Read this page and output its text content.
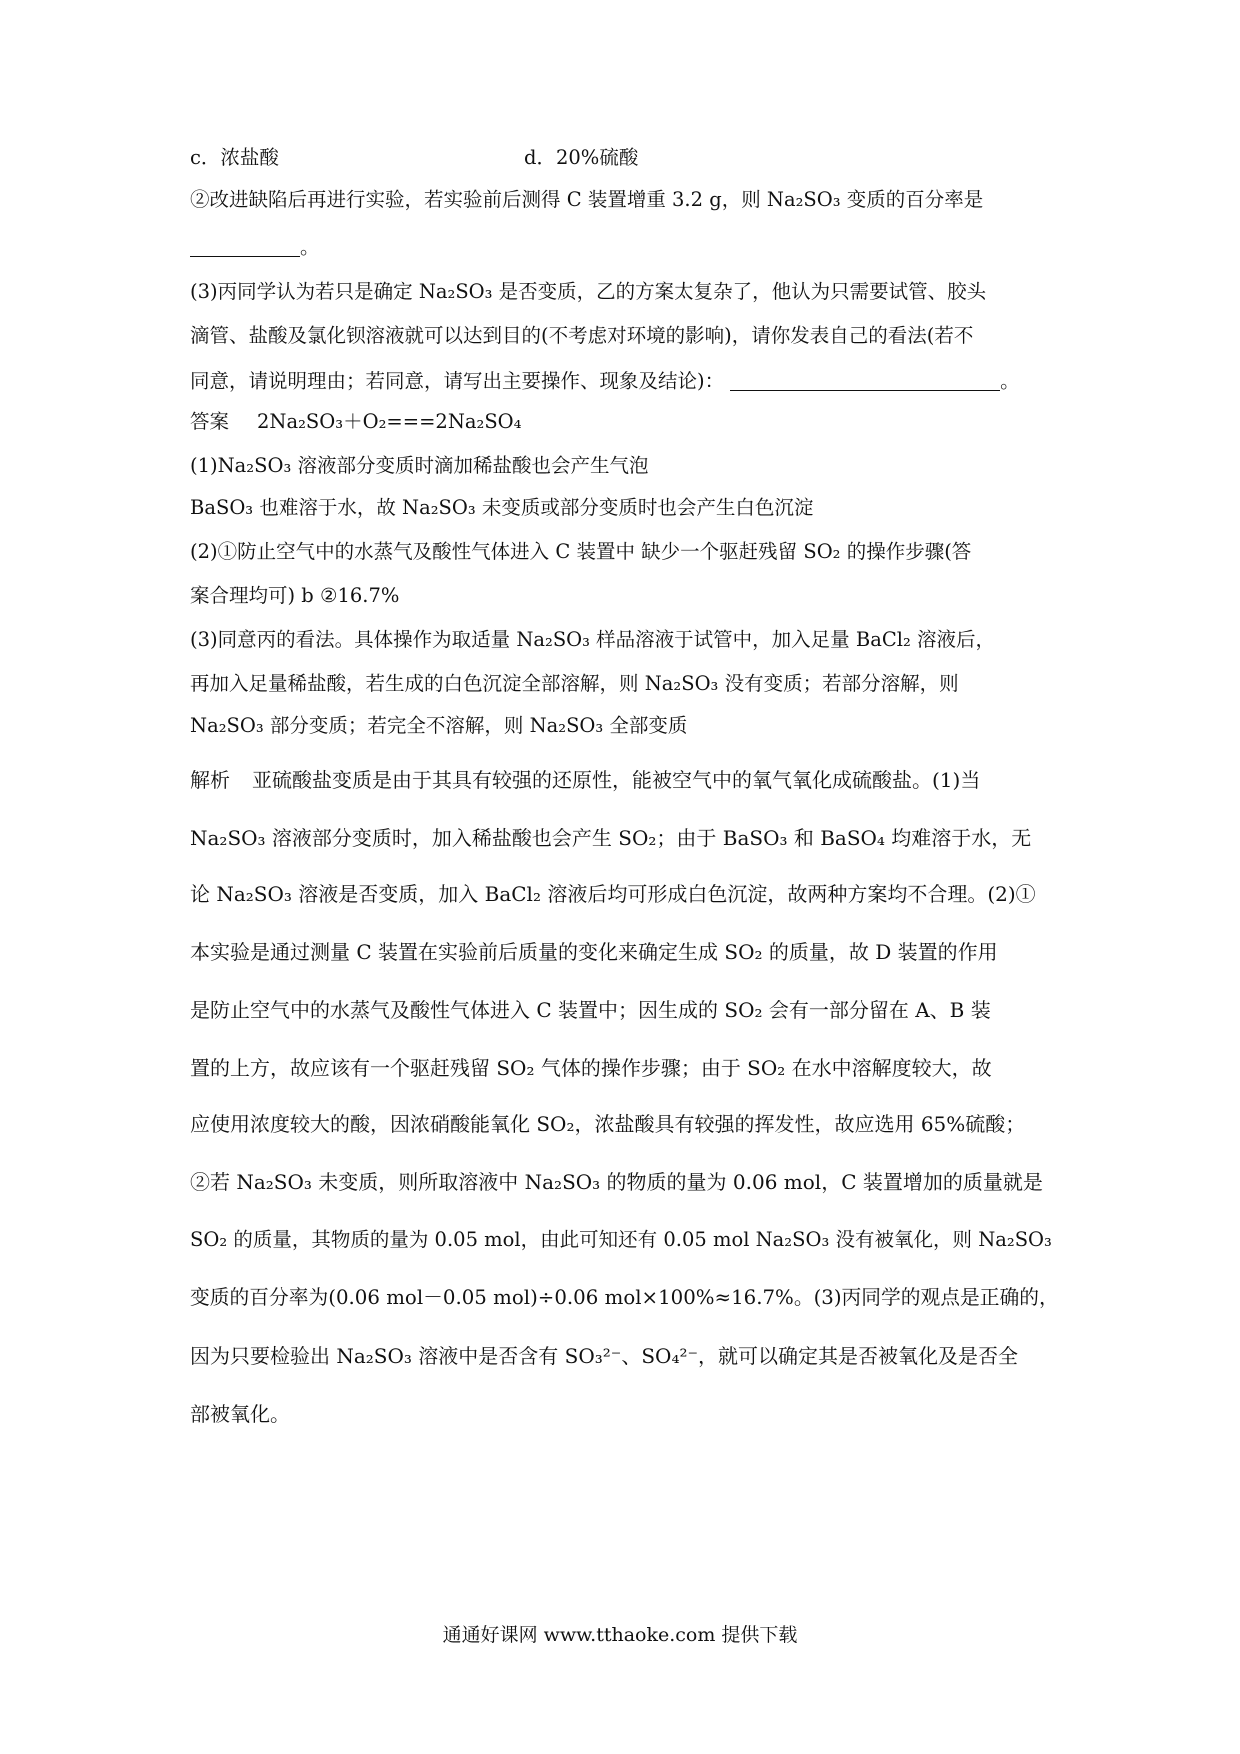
c．浓盐酸	d．20%硫酸
②改进缺陷后再进行实验，若实验前后测得 C 装置增重 3.2 g，则 Na₂SO₃ 变质的百分率是
。
(3)丙同学认为若只是确定 Na₂SO₃ 是否变质，乙的方案太复杂了，他认为只需要试管、胶头
滴管、盐酸及氯化钡溶液就可以达到目的(不考虑对环境的影响)，请你发表自己的看法(若不
同意，请说明理由；若同意，请写出主要操作、现象及结论)：	。
答案 2Na₂SO₃＋O₂===2Na₂SO₄
(1)Na₂SO₃ 溶液部分变质时滴加稀盐酸也会产生气泡
BaSO₃ 也难溶于水，故 Na₂SO₃ 未变质或部分变质时也会产生白色沉淀
(2)①防止空气中的水蒸气及酸性气体进入 C 装置中 缺少一个驱赶残留 SO₂ 的操作步骤(答
案合理均可) b ②16.7%
(3)同意丙的看法。具体操作为取适量 Na₂SO₃ 样品溶液于试管中，加入足量 BaCl₂ 溶液后，
再加入足量稀盐酸，若生成的白色沉淀全部溶解，则 Na₂SO₃ 没有变质；若部分溶解，则
Na₂SO₃ 部分变质；若完全不溶解，则 Na₂SO₃ 全部变质
解析 亚硫酸盐变质是由于其具有较强的还原性，能被空气中的氧气氧化成硫酸盐。(1)当
Na₂SO₃ 溶液部分变质时，加入稀盐酸也会产生 SO₂；由于 BaSO₃ 和 BaSO₄ 均难溶于水，无
论 Na₂SO₃ 溶液是否变质，加入 BaCl₂ 溶液后均可形成白色沉淀，故两种方案均不合理。(2)①
本实验是通过测量 C 装置在实验前后质量的变化来确定生成 SO₂ 的质量，故 D 装置的作用
是防止空气中的水蒸气及酸性气体进入 C 装置中；因生成的 SO₂ 会有一部分留在 A、B 装
置的上方，故应该有一个驱赶残留 SO₂ 气体的操作步骤；由于 SO₂ 在水中溶解度较大，故
应使用浓度较大的酸，因浓硝酸能氧化 SO₂，浓盐酸具有较强的挥发性，故应选用 65%硫酸；
②若 Na₂SO₃ 未变质，则所取溶液中 Na₂SO₃ 的物质的量为 0.06 mol，C 装置增加的质量就是
SO₂ 的质量，其物质的量为 0.05 mol，由此可知还有 0.05 mol Na₂SO₃ 没有被氧化，则 Na₂SO₃
变质的百分率为(0.06 mol－0.05 mol)÷0.06 mol×100%≈16.7%。(3)丙同学的观点是正确的，
因为只要检验出 Na₂SO₃ 溶液中是否含有 SO₃²⁻、SO₄²⁻，就可以确定其是否被氧化及是否全
部被氧化。
通通好课网 www.tthaoke.com 提供下载
